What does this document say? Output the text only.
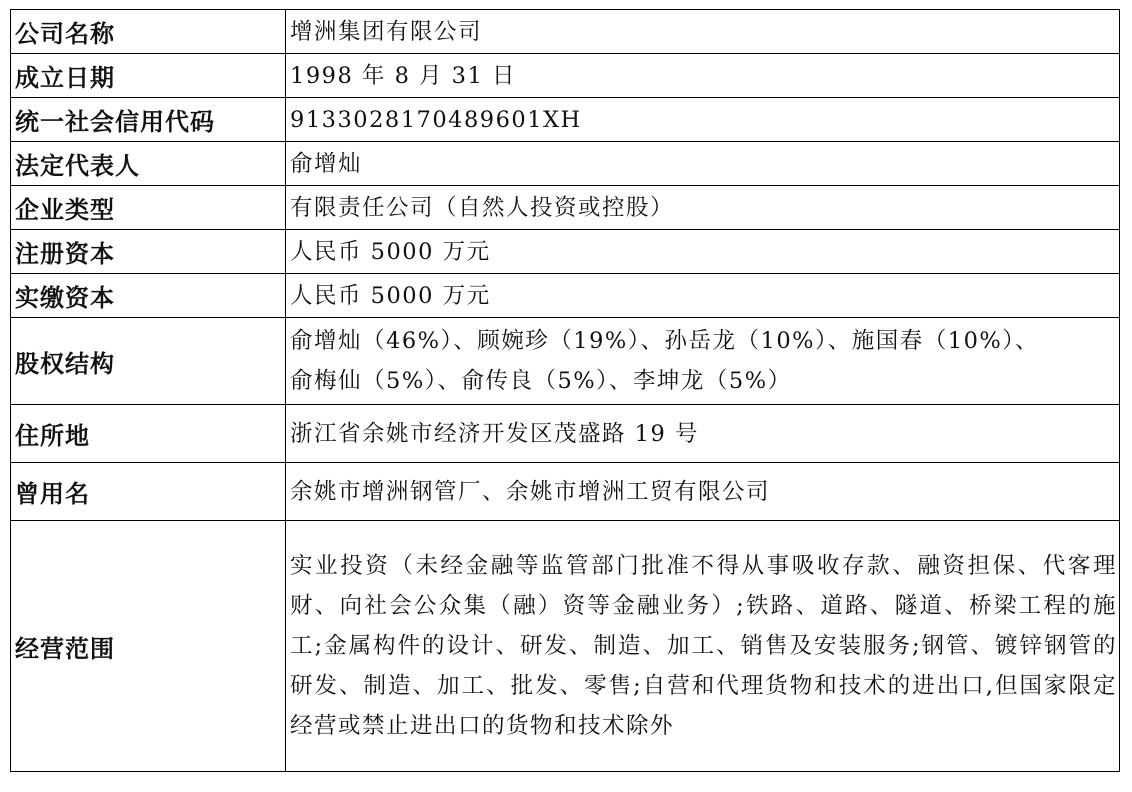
公司名称	增洲集团有限公司
成立日期	1998 年 8 月 31 日
统一社会信用代码	9133028170489601XH
法定代表人	俞增灿
企业类型	有限责任公司（自然人投资或控股）
注册资本	人民币 5000 万元
实缴资本	人民币 5000 万元
股权结构	俞增灿（46%）、顾婉珍（19%）、孙岳龙（10%）、施国春（10%）、
俞梅仙（5%）、俞传良（5%）、李坤龙（5%）

住所地	浙江省余姚市经济开发区茂盛路 19 号
曾用名	余姚市增洲钢管厂、余姚市增洲工贸有限公司
经营范围	实业投资（未经金融等监管部门批准不得从事吸收存款、融资担保、代客理财、向社会公众集（融）资等金融业务）;铁路、道路、隧道、桥梁工程的施工;金属构件的设计、研发、制造、加工、销售及安装服务;钢管、镀锌钢管的研发、制造、加工、批发、零售;自营和代理货物和技术的进出口,但国家限定经营或禁止进出口的货物和技术除外
